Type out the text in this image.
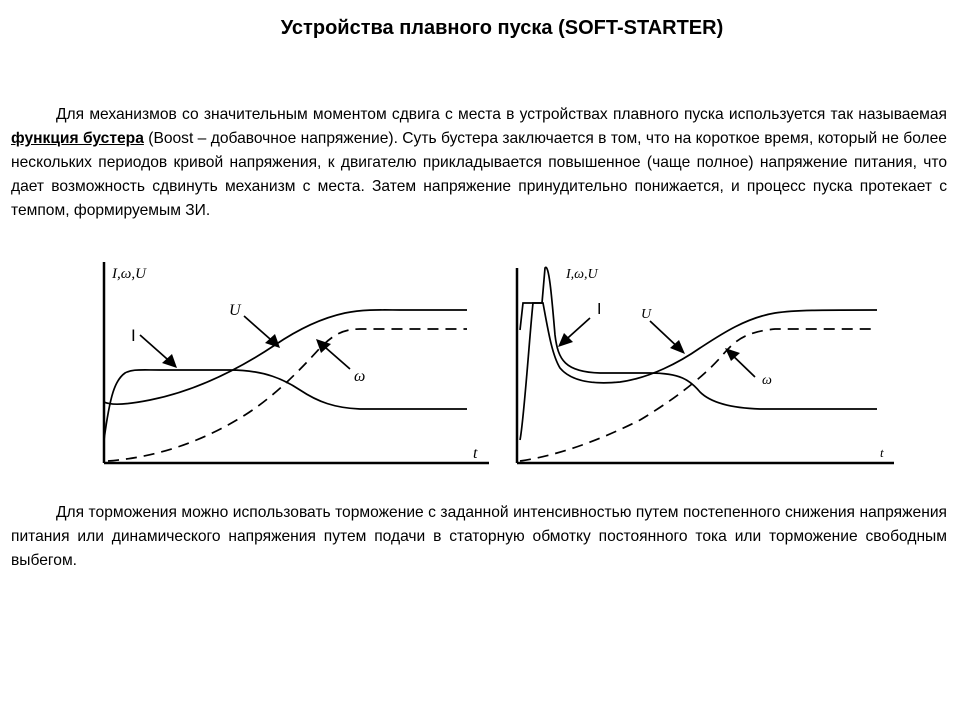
Устройства плавного пуска (SOFT-STARTER)
Для механизмов со значительным моментом сдвига с места в устройствах плавного пуска используется так называемая функция бустера (Boost – добавочное напряжение). Суть бустера заключается в том, что на короткое время, который не более нескольких периодов кривой напряжения, к двигателю прикладывается повышенное (чаще полное) напряжение питания, что дает возможность сдвинуть механизм с места. Затем напряжение принудительно понижается, и процесс пуска протекает с темпом, формируемым ЗИ.
I,ω,U
t
U
I
ω
I,ω,U
t
U
I
ω
Для торможения можно использовать торможение с заданной интенсивностью путем постепенного снижения напряжения питания или динамического напряжения путем подачи в статорную обмотку постоянного тока или торможение свободным выбегом.
